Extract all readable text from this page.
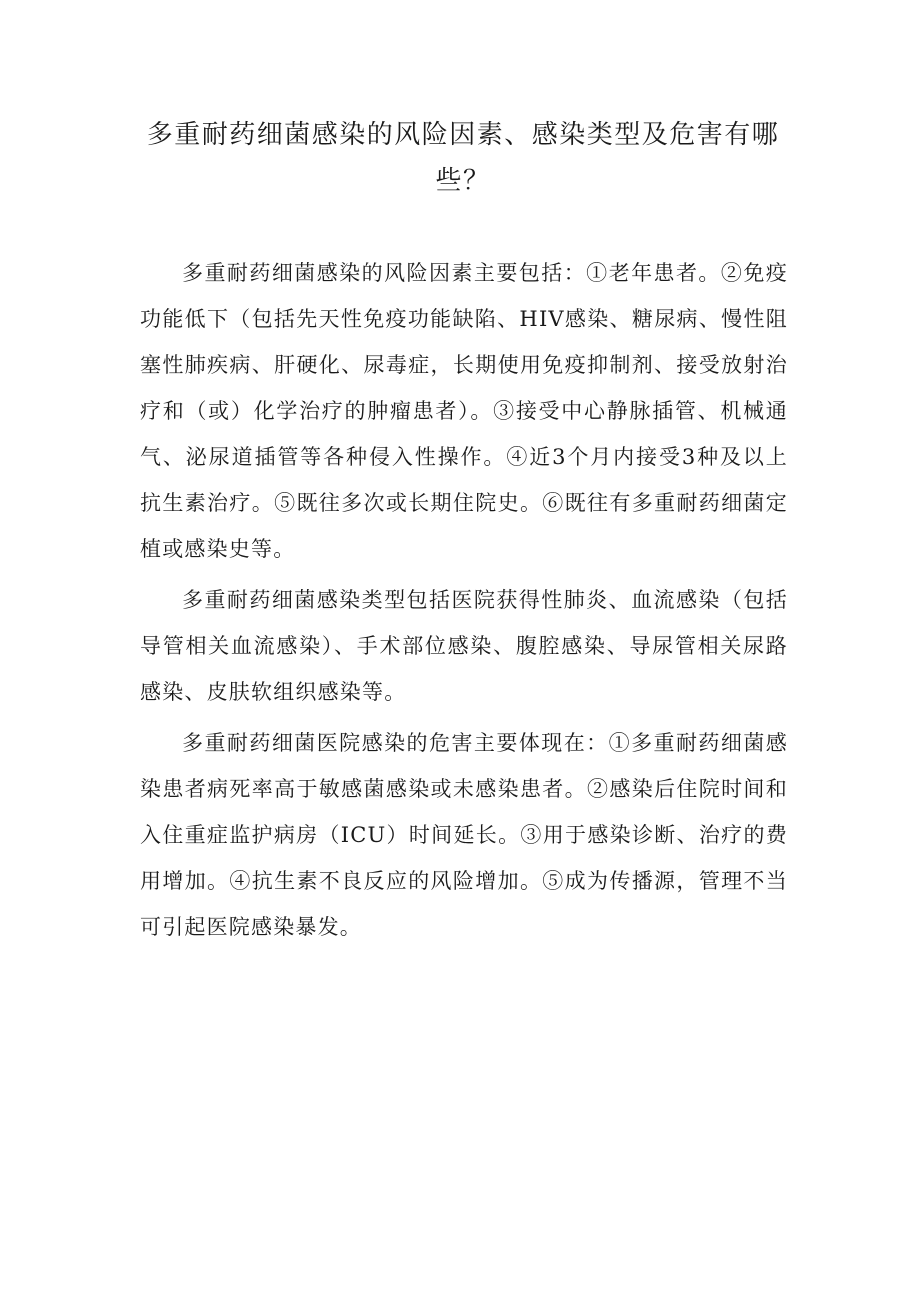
多重耐药细菌感染的风险因素、感染类型及危害有哪些？

多重耐药细菌感染的风险因素主要包括：①老年患者。②免疫功能低下（包括先天性免疫功能缺陷、HIV感染、糖尿病、慢性阻塞性肺疾病、肝硬化、尿毒症，长期使用免疫抑制剂、接受放射治疗和（或）化学治疗的肿瘤患者）。③接受中心静脉插管、机械通气、泌尿道插管等各种侵入性操作。④近3个月内接受3种及以上抗生素治疗。⑤既往多次或长期住院史。⑥既往有多重耐药细菌定植或感染史等。

多重耐药细菌感染类型包括医院获得性肺炎、血流感染（包括导管相关血流感染）、手术部位感染、腹腔感染、导尿管相关尿路感染、皮肤软组织感染等。

多重耐药细菌医院感染的危害主要体现在：①多重耐药细菌感染患者病死率高于敏感菌感染或未感染患者。②感染后住院时间和入住重症监护病房（ICU）时间延长。③用于感染诊断、治疗的费用增加。④抗生素不良反应的风险增加。⑤成为传播源，管理不当可引起医院感染暴发。
